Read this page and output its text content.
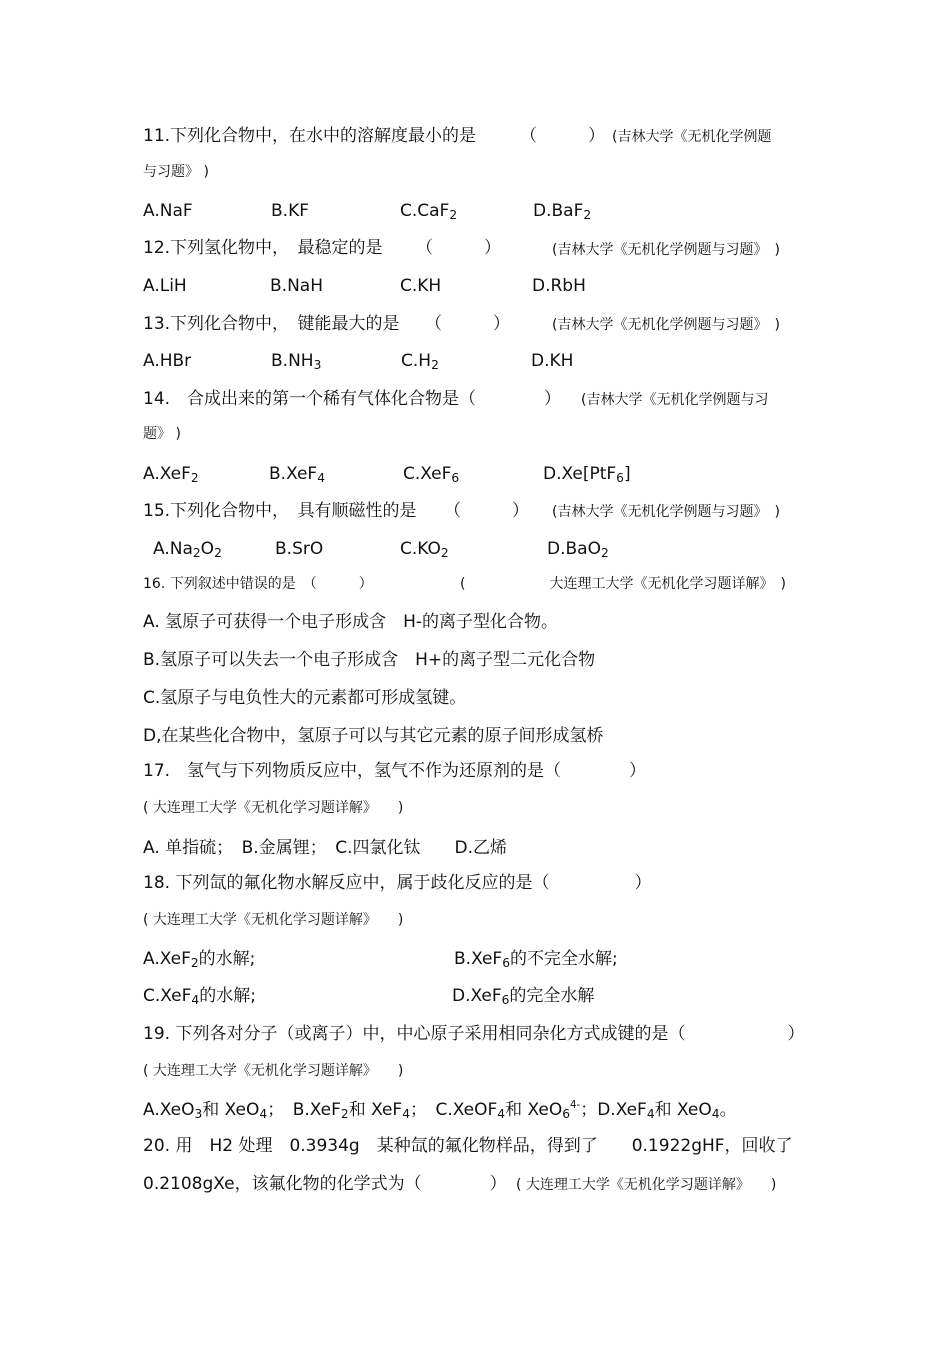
11.下列化合物中，在水中的溶解度最小的是	（　　　） (吉林大学《无机化学例题
与习题》 )
A.NaF	B.KF	C.CaF$_2$	D.BaF$_2$
12.下列氢化物中，　最稳定的是 （　　　）	(吉林大学《无机化学例题与习题》　)
A.LiH	B.NaH	C.KH	D.RbH
13.下列化合物中，　键能最大的是 （　　　）	(吉林大学《无机化学例题与习题》　)
A.HBr	$B.NH_3$	$C.H_2$	D.KH
14.　合成出来的第一个稀有气体化合物是（　　　　） (吉林大学《无机化学例题与习
题》 )
A.XeF$_2$	B.XeF$_4$	C.XeF$_6$	D.Xe[PtF$_6$]
15.下列化合物中，　具有顺磁性的是 （　　　） (吉林大学《无机化学例题与习题》　)
$A.Na_2O_2$	B.SrO	$C.KO_2$	D.BaO$_2$
16. 下列叙述中错误的是　（　　　）	(　　　　　　大连理工大学《无机化学习题详解》　)
A. 氢原子可获得一个电子形成含　H-的离子型化合物。
B.氢原子可以失去一个电子形成含　H+的离子型二元化合物
C.氢原子与电负性大的元素都可形成氢键。
D,在某些化合物中，氢原子可以与其它元素的原子间形成氢桥
17.　氢气与下列物质反应中，氢气不作为还原剂的是（　　　　）
( 大连理工大学《无机化学习题详解》　　)
A. 单指硫；　B.金属锂；　C.四氯化钛　　D.乙烯
18. 下列氙的氟化物水解反应中，属于歧化反应的是（　　　　　）
( 大连理工大学《无机化学习题详解》　　)
A.XeF$_2$的水解;	B.XeF$_6$的不完全水解;
C.XeF$_4$的水解;	D.XeF$_6$的完全水解
19. 下列各对分子（或离子）中，中心原子采用相同杂化方式成键的是（　　　　　　）
( 大连理工大学《无机化学习题详解》　　)
A.XeO$_3$和 XeO$_4$；　B.XeF$_2$和 XeF$_4$；　C.XeOF$_4$和 XeO$_6^{4-}$；D.XeF$_4$和 XeO$_4$。
20. 用　H2 处理　0.3934g　某种氙的氟化物样品，得到了　　0.1922gHF，回收了
0.2108gXe，该氟化物的化学式为（　　　　） ( 大连理工大学《无机化学习题详解》　　)
